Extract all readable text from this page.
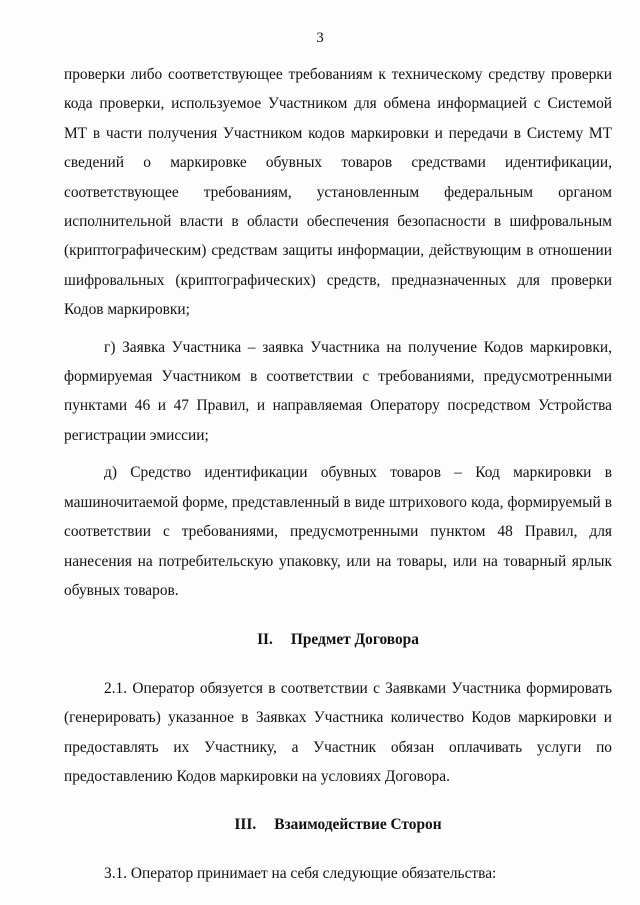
3

проверки либо соответствующее требованиям к техническому средству проверки кода проверки, используемое Участником для обмена информацией с Системой МТ в части получения Участником кодов маркировки и передачи в Систему МТ сведений о маркировке обувных товаров средствами идентификации, соответствующее требованиям, установленным федеральным органом исполнительной власти в области обеспечения безопасности в шифровальным (криптографическим) средствам защиты информации, действующим в отношении шифровальных (криптографических) средств, предназначенных для проверки Кодов маркировки;

г) Заявка Участника – заявка Участника на получение Кодов маркировки, формируемая Участником в соответствии с требованиями, предусмотренными пунктами 46 и 47 Правил, и направляемая Оператору посредством Устройства регистрации эмиссии;

д) Средство идентификации обувных товаров – Код маркировки в машиночитаемой форме, представленный в виде штрихового кода, формируемый в соответствии с требованиями, предусмотренными пунктом 48 Правил, для нанесения на потребительскую упаковку, или на товары, или на товарный ярлык обувных товаров.

II. Предмет Договора

2.1. Оператор обязуется в соответствии с Заявками Участника формировать (генерировать) указанное в Заявках Участника количество Кодов маркировки и предоставлять их Участнику, а Участник обязан оплачивать услуги по предоставлению Кодов маркировки на условиях Договора.

III. Взаимодействие Сторон

3.1. Оператор принимает на себя следующие обязательства:
